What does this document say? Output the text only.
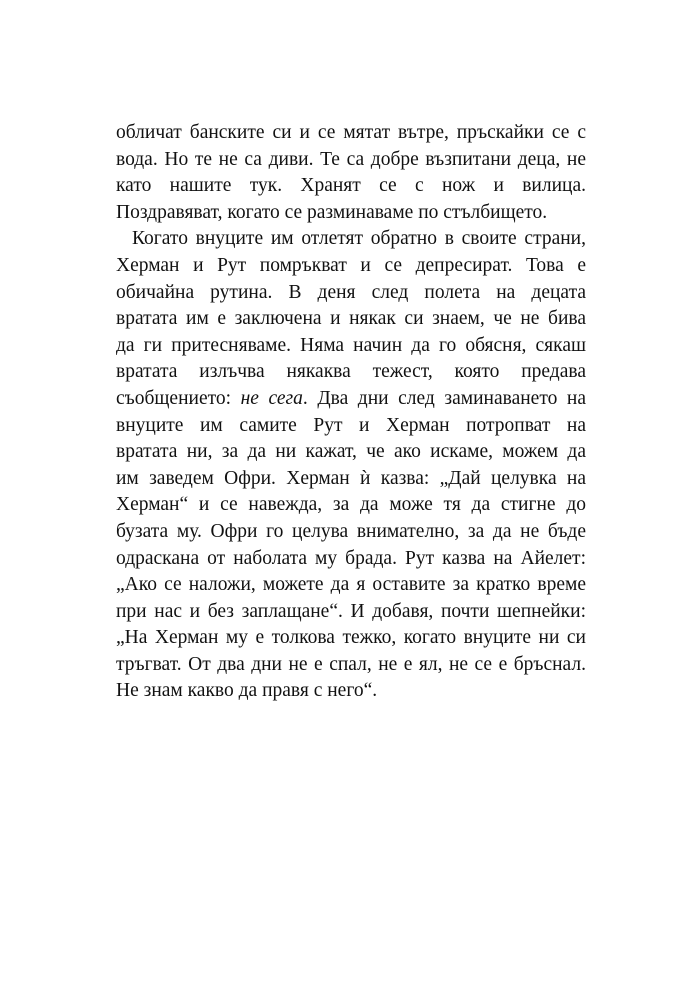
обличат банските си и се мятат вътре, пръскайки се с
вода. Но те не са диви. Те са добре възпитани деца, не
като нашите тук. Хранят се с нож и вилица.
Поздравяват, когато се разминаваме по стълбището.
Когато внуците им отлетят обратно в своите страни,
Херман и Рут помръкват и се депресират. Това е
обичайна рутина. В деня след полета на децата
вратата им е заключена и някак си знаем, че не бива
да ги притесняваме. Няма начин да го обясня, сякаш
вратата излъчва някаква тежест, която предава
съобщението: не сега. Два дни след заминаването на
внуците им самите Рут и Херман потропват на
вратата ни, за да ни кажат, че ако искаме, можем да
им заведем Офри. Херман ѝ казва: „Дай целувка на
Херман“ и се навежда, за да може тя да стигне до
бузата му. Офри го целува внимателно, за да не бъде
одраскана от наболата му брада. Рут казва на Айелет:
„Ако се наложи, можете да я оставите за кратко време
при нас и без заплащане“. И добавя, почти шепнейки:
„На Херман му е толкова тежко, когато внуците ни си
тръгват. От два дни не е спал, не е ял, не се е бръснал.
Не знам какво да правя с него“.
